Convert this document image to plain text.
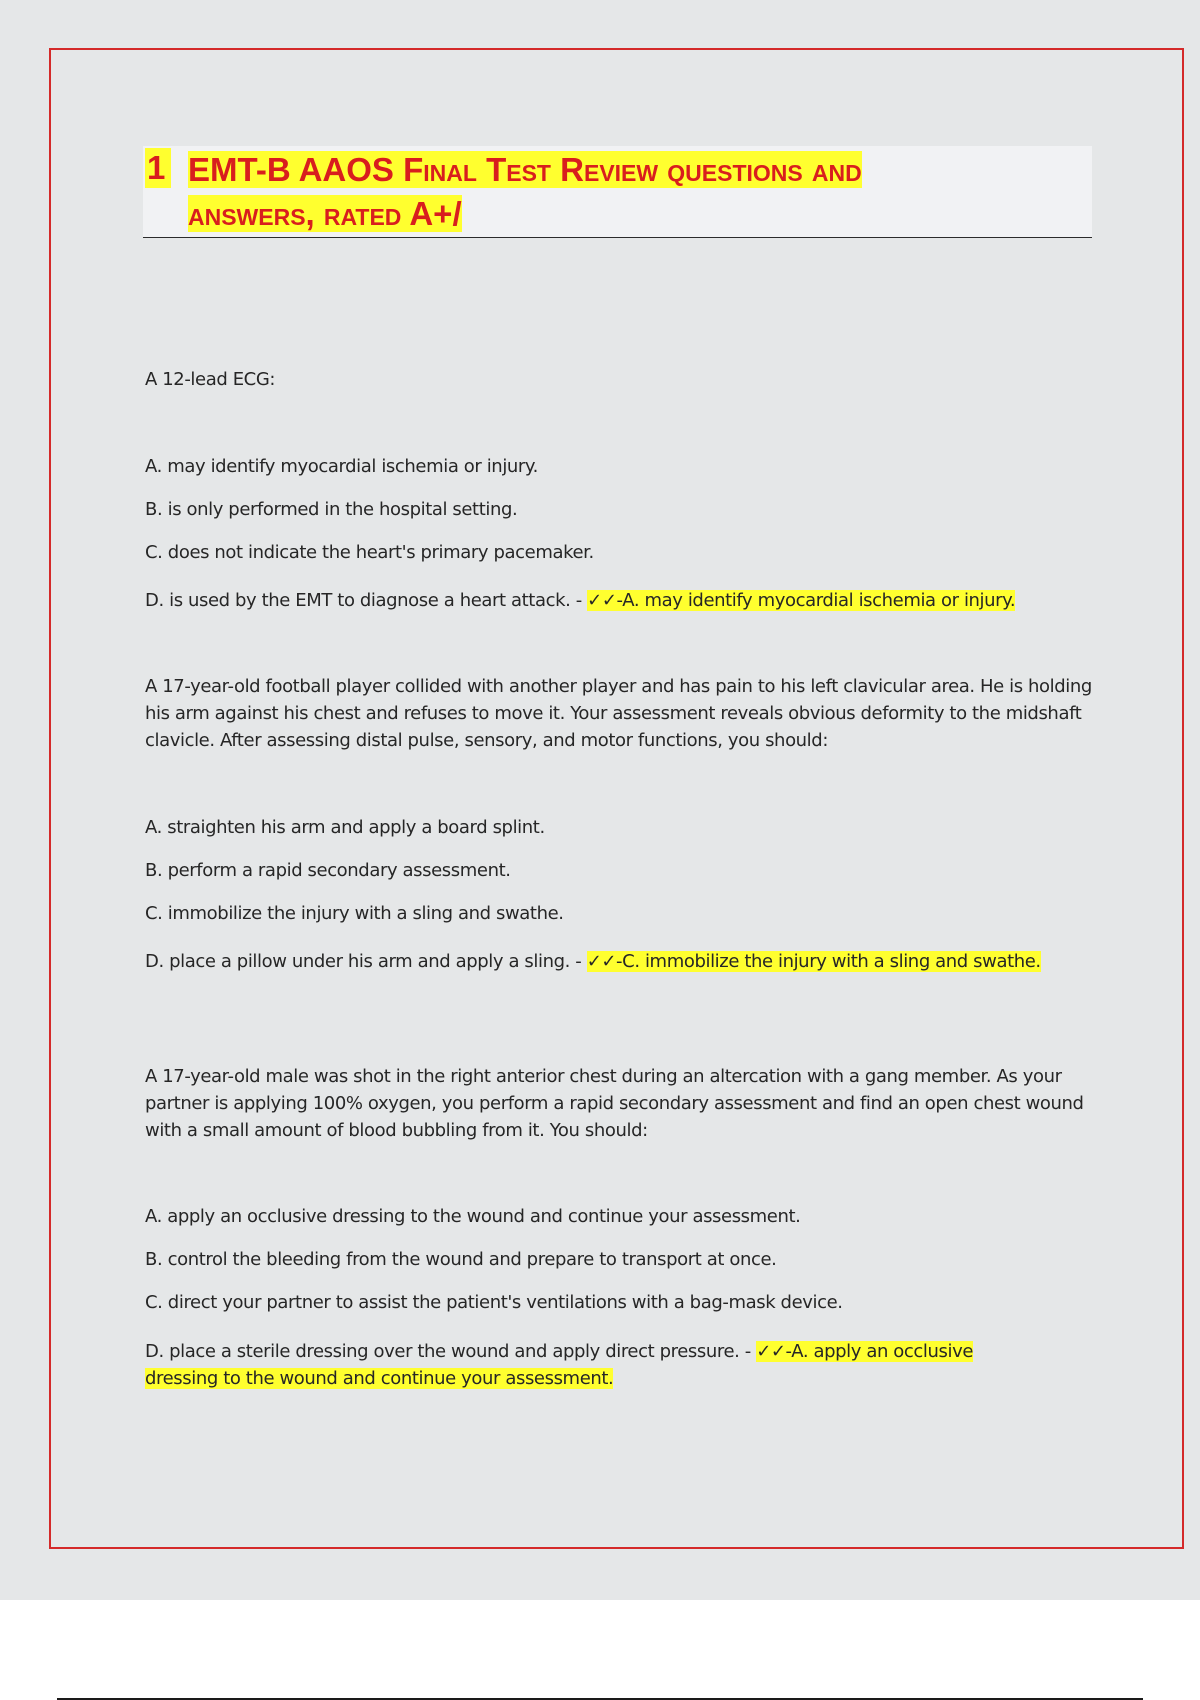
1 EMT-B AAOS Final Test Review questions and
answers, rated A+/
A 12-lead ECG:
A. may identify myocardial ischemia or injury.
B. is only performed in the hospital setting.
C. does not indicate the heart's primary pacemaker.
D. is used by the EMT to diagnose a heart attack. - ✓✓-A. may identify myocardial ischemia or injury.
A 17-year-old football player collided with another player and has pain to his left clavicular area. He is holding his arm against his chest and refuses to move it. Your assessment reveals obvious deformity to the midshaft clavicle. After assessing distal pulse, sensory, and motor functions, you should:
A. straighten his arm and apply a board splint.
B. perform a rapid secondary assessment.
C. immobilize the injury with a sling and swathe.
D. place a pillow under his arm and apply a sling. - ✓✓-C. immobilize the injury with a sling and swathe.
A 17-year-old male was shot in the right anterior chest during an altercation with a gang member. As your partner is applying 100% oxygen, you perform a rapid secondary assessment and find an open chest wound with a small amount of blood bubbling from it. You should:
A. apply an occlusive dressing to the wound and continue your assessment.
B. control the bleeding from the wound and prepare to transport at once.
C. direct your partner to assist the patient's ventilations with a bag-mask device.
D. place a sterile dressing over the wound and apply direct pressure. - ✓✓-A. apply an occlusive dressing to the wound and continue your assessment.
